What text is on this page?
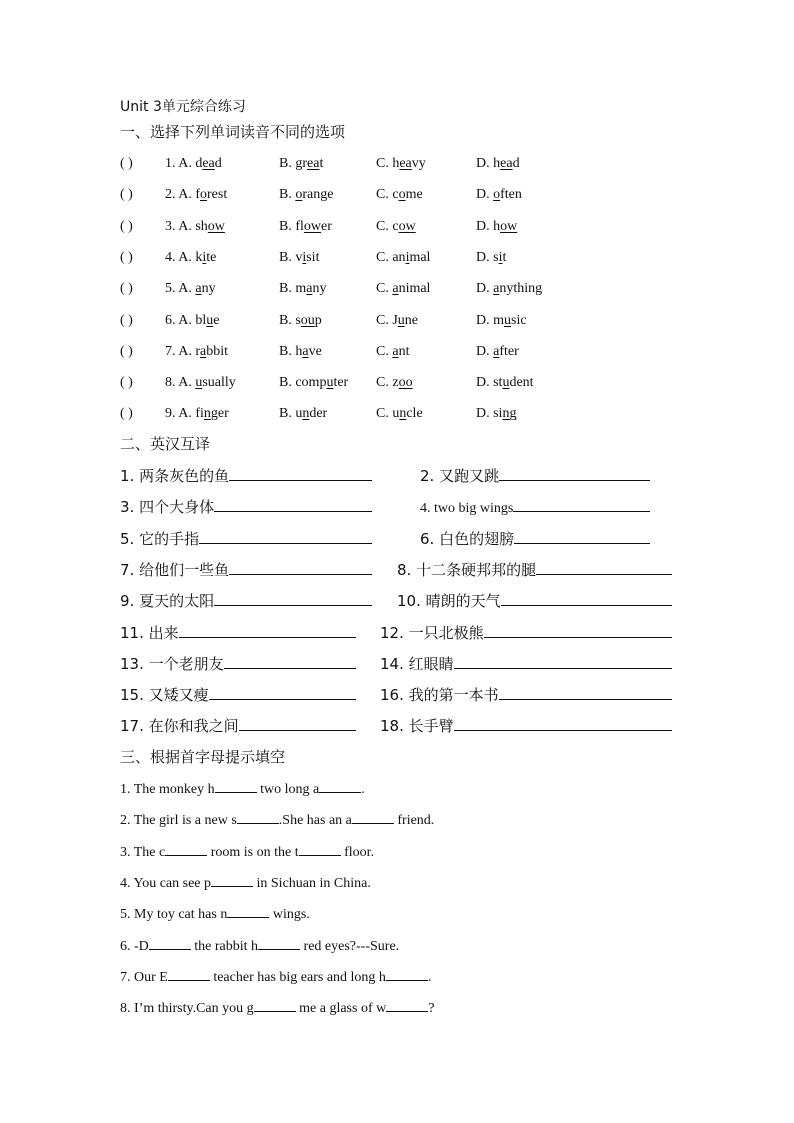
Unit 3单元综合练习
一、选择下列单词读音不同的选项
( ) 1. A. dead	B. great	C. heavy	D. head
( ) 2. A. forest	B. orange	C. come	D. often
( ) 3. A. show	B. flower	C. cow	D. how
( ) 4. A. kite	B. visit	C. animal	D. sit
( ) 5. A. any	B. many	C. animal	D. anything
( ) 6. A. blue	B. soup	C. June	D. music
( ) 7. A. rabbit	B. have	C. ant	D. after
( ) 8. A. usually	B. computer C. zoo	D. student
( ) 9. A. finger	B. under	C. uncle	D. sing
二、英汉互译
1. 两条灰色的鱼	2. 又跑又跳
3. 四个大身体	4. two big wings
5. 它的手指	6. 白色的翅膀
7. 给他们一些鱼	8. 十二条硬邦邦的腿
9. 夏天的太阳	10. 晴朗的天气
11. 出来	12. 一只北极熊
13. 一个老朋友	14. 红眼睛
15. 又矮又瘦	16. 我的第一本书
17. 在你和我之间	18. 长手臂
三、根据首字母提示填空
1. The monkey h	two long a	.
2. The girl is a new s	.She has an a	friend.
3. The c	room is on the t	floor.
4. You can see p	in Sichuan in China.
5. My toy cat has n	wings.
6. -D	the rabbit h	red eyes?---Sure.
7. Our E	teacher has big ears and long h	.
8. I’m thirsty.Can you g	me a glass of w	?
